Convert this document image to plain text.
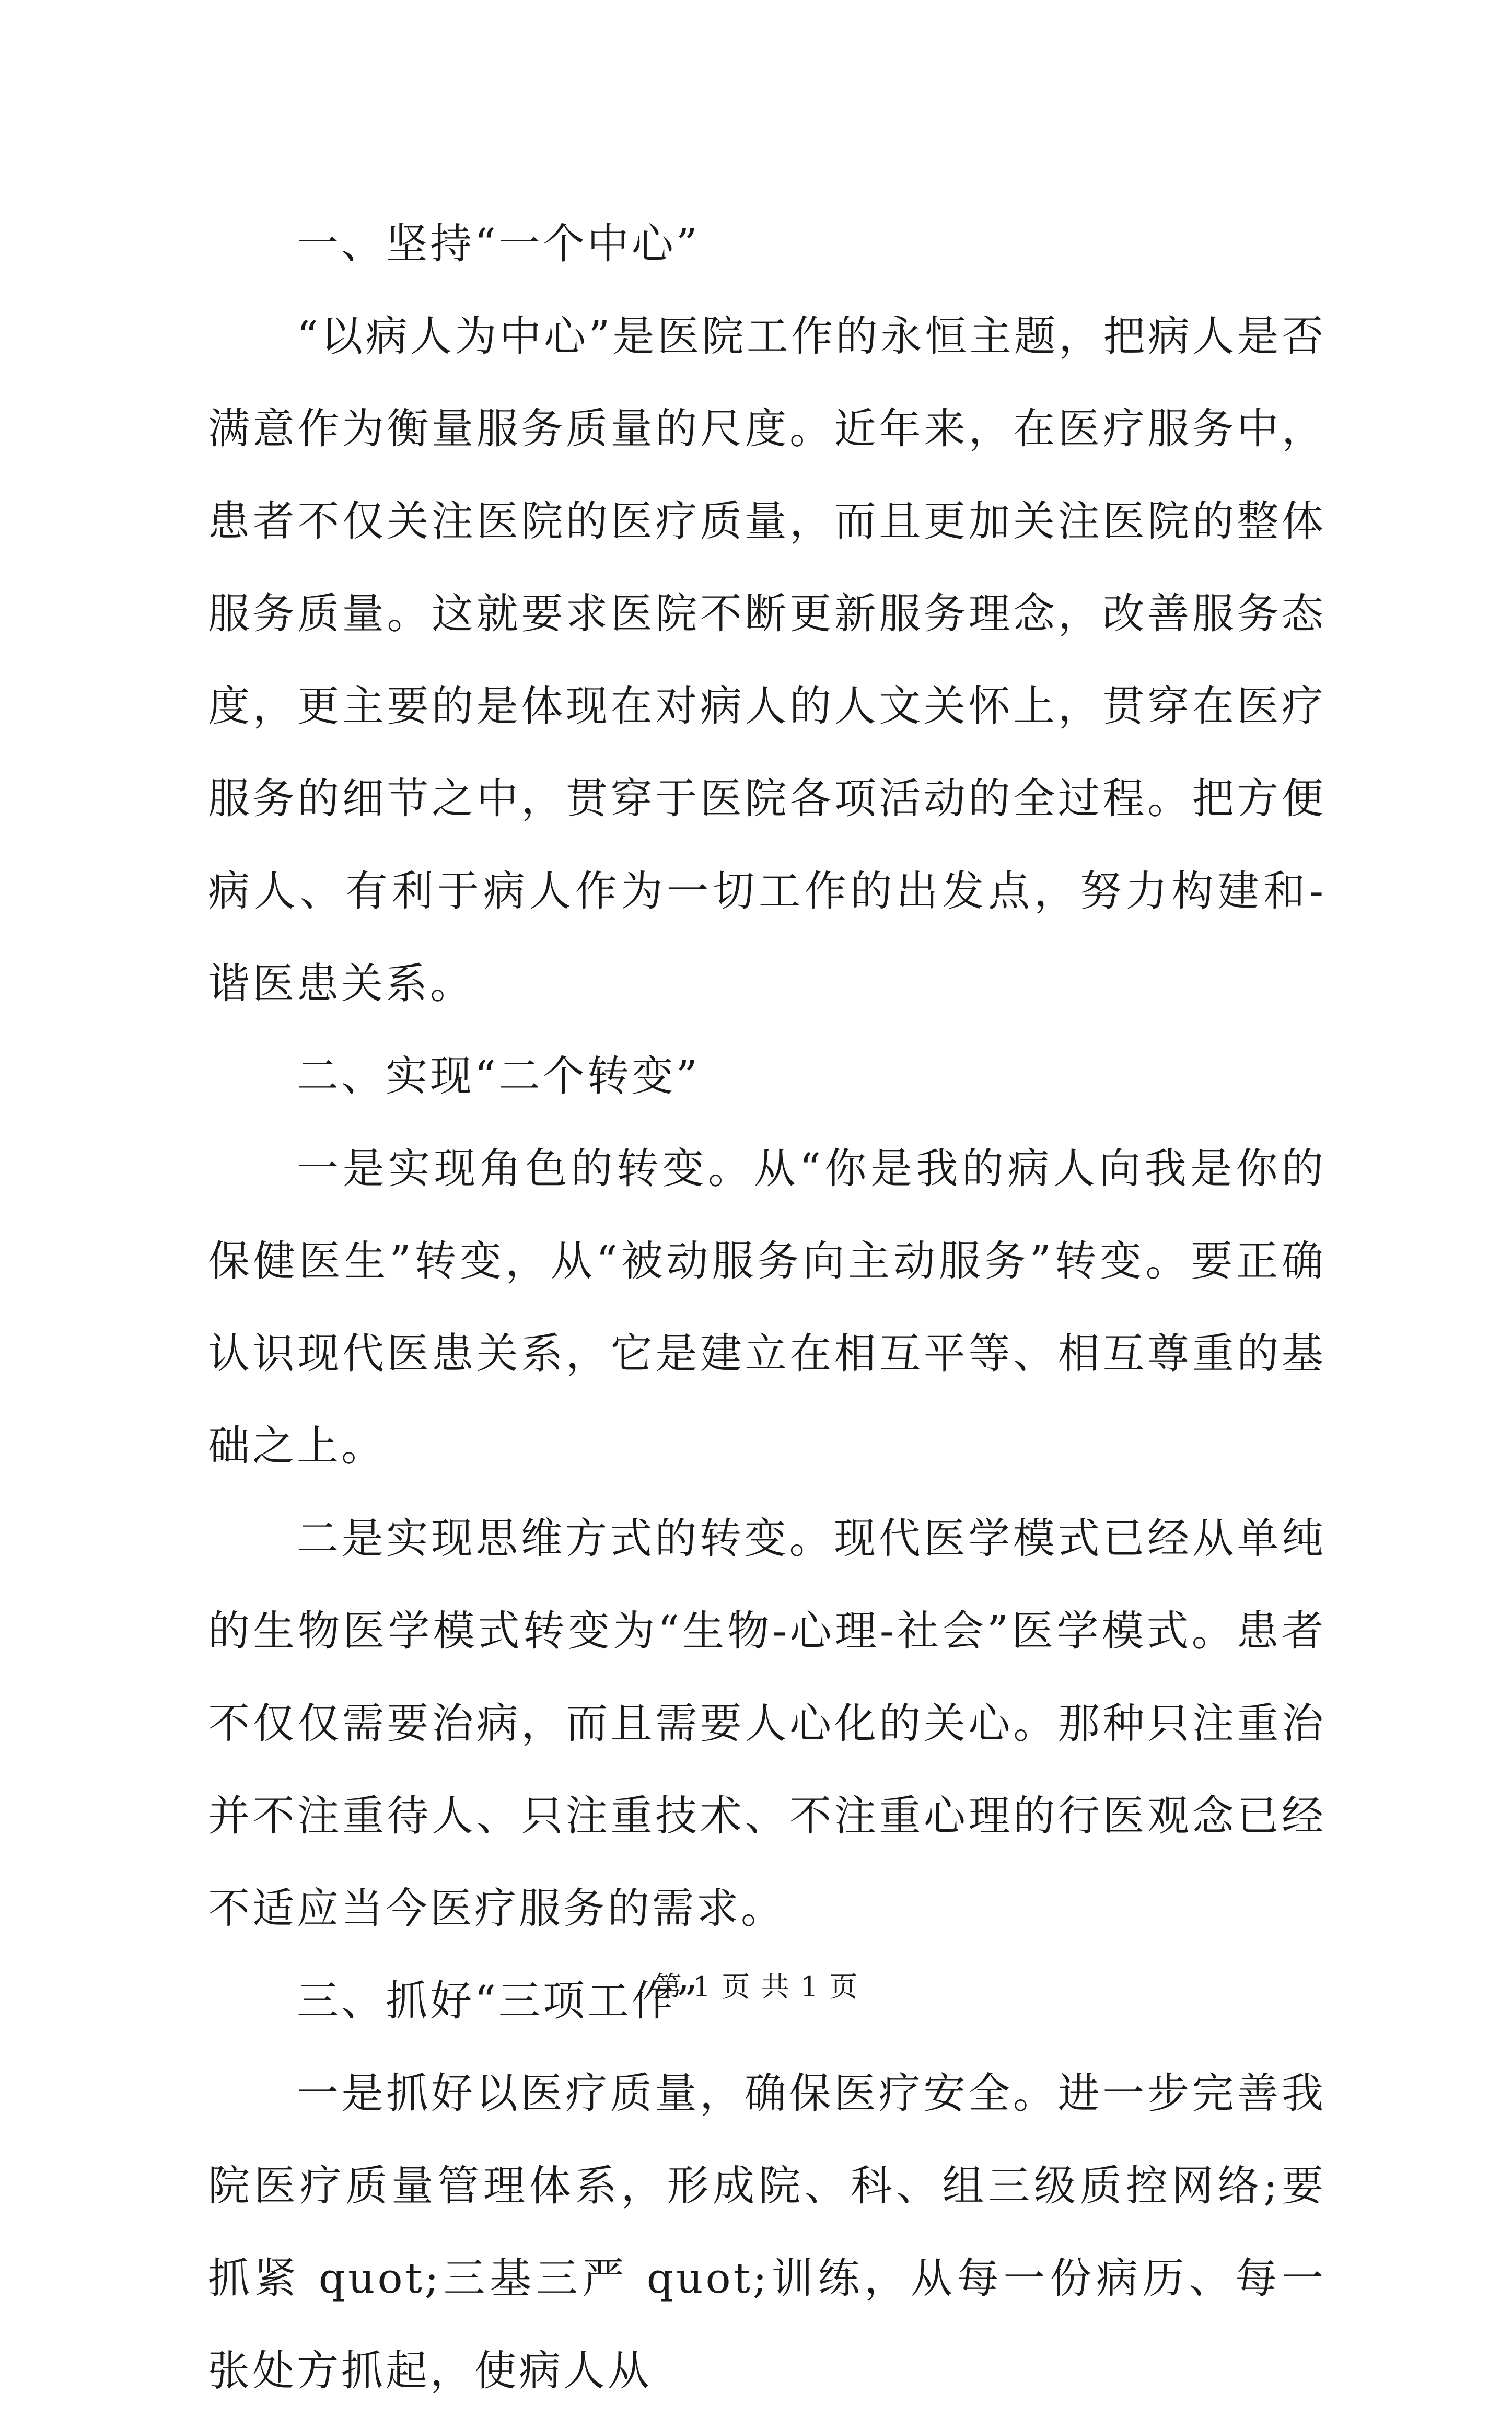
一、坚持“一个中心”

“以病人为中心”是医院工作的永恒主题，把病人是否满意作为衡量服务质量的尺度。近年来，在医疗服务中，患者不仅关注医院的医疗质量，而且更加关注医院的整体服务质量。这就要求医院不断更新服务理念，改善服务态度，更主要的是体现在对病人的人文关怀上，贯穿在医疗服务的细节之中，贯穿于医院各项活动的全过程。把方便病人、有利于病人作为一切工作的出发点，努力构建和-谐医患关系。

二、实现“二个转变”

一是实现角色的转变。从“你是我的病人向我是你的保健医生”转变，从“被动服务向主动服务”转变。要正确认识现代医患关系，它是建立在相互平等、相互尊重的基础之上。

二是实现思维方式的转变。现代医学模式已经从单纯的生物医学模式转变为“生物-心理-社会”医学模式。患者不仅仅需要治病，而且需要人心化的关心。那种只注重治并不注重待人、只注重技术、不注重心理的行医观念已经不适应当今医疗服务的需求。

三、抓好“三项工作”

一是抓好以医疗质量，确保医疗安全。进一步完善我院医疗质量管理体系，形成院、科、组三级质控网络;要抓紧 quot;三基三严 quot;训练，从每一份病历、每一张处方抓起，使病人从

第 1 页 共 1 页
